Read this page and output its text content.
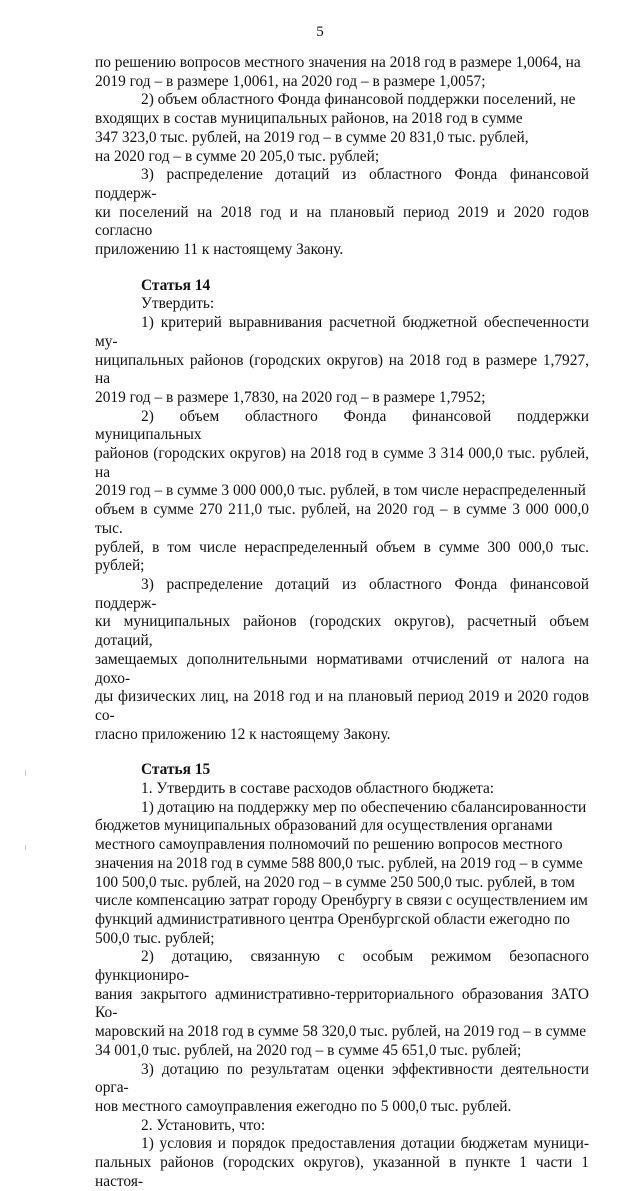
5

по решению вопросов местного значения на 2018 год в размере 1,0064, на
2019 год – в размере 1,0061, на 2020 год – в размере 1,0057;

2) объем областного Фонда финансовой поддержки поселений, не
входящих в состав муниципальных районов, на 2018 год в сумме
347 323,0 тыс. рублей, на 2019 год – в сумме 20 831,0 тыс. рублей,
на 2020 год – в сумме 20 205,0 тыс. рублей;

3) распределение дотаций из областного Фонда финансовой поддерж-
ки поселений на 2018 год и на плановый период 2019 и 2020 годов согласно
приложению 11 к настоящему Закону.

Статья 14

Утвердить:

1) критерий выравнивания расчетной бюджетной обеспеченности му-
ниципальных районов (городских округов) на 2018 год в размере 1,7927, на
2019 год – в размере 1,7830, на 2020 год – в размере 1,7952;

2) объем областного Фонда финансовой поддержки муниципальных
районов (городских округов) на 2018 год в сумме 3 314 000,0 тыс. рублей, на
2019 год – в сумме 3 000 000,0 тыс. рублей, в том числе нераспределенный
объем в сумме 270 211,0 тыс. рублей, на 2020 год – в сумме 3 000 000,0 тыс.
рублей, в том числе нераспределенный объем в сумме 300 000,0 тыс. рублей;

3) распределение дотаций из областного Фонда финансовой поддерж-
ки муниципальных районов (городских округов), расчетный объем дотаций,
замещаемых дополнительными нормативами отчислений от налога на дохо-
ды физических лиц, на 2018 год и на плановый период 2019 и 2020 годов со-
гласно приложению 12 к настоящему Закону.

Статья 15

1. Утвердить в составе расходов областного бюджета:

1) дотацию на поддержку мер по обеспечению сбалансированности
бюджетов муниципальных образований для осуществления органами
местного самоуправления полномочий по решению вопросов местного
значения на 2018 год в сумме 588 800,0 тыс. рублей, на 2019 год – в сумме
100 500,0 тыс. рублей, на 2020 год – в сумме 250 500,0 тыс. рублей, в том
числе компенсацию затрат городу Оренбургу в связи с осуществлением им
функций административного центра Оренбургской области ежегодно по
500,0 тыс. рублей;

2) дотацию, связанную с особым режимом безопасного функциониро-
вания закрытого административно-территориального образования ЗАТО Ко-
маровский на 2018 год в сумме 58 320,0 тыс. рублей, на 2019 год – в сумме
34 001,0 тыс. рублей, на 2020 год – в сумме 45 651,0 тыс. рублей;

3) дотацию по результатам оценки эффективности деятельности орга-
нов местного самоуправления ежегодно по 5 000,0 тыс. рублей.

2. Установить, что:

1) условия и порядок предоставления дотации бюджетам муници-
пальных районов (городских округов), указанной в пункте 1 части 1 настоя-
